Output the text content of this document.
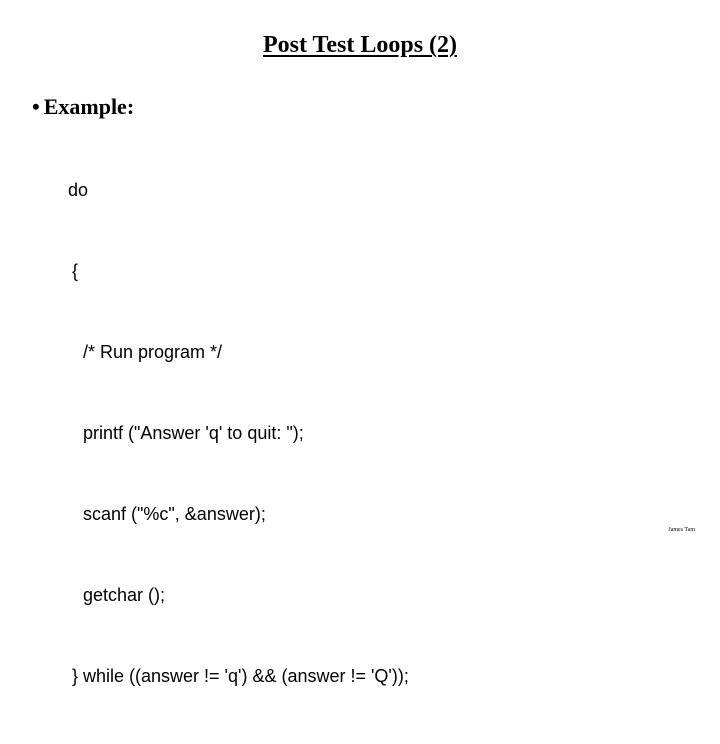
Post Test Loops (2)
• Example:

do

{

/* Run program */

printf ("Answer 'q' to quit: ");

scanf ("%c", &answer);

getchar ();

} while ((answer != 'q') && (answer != 'Q'));

James Tam
